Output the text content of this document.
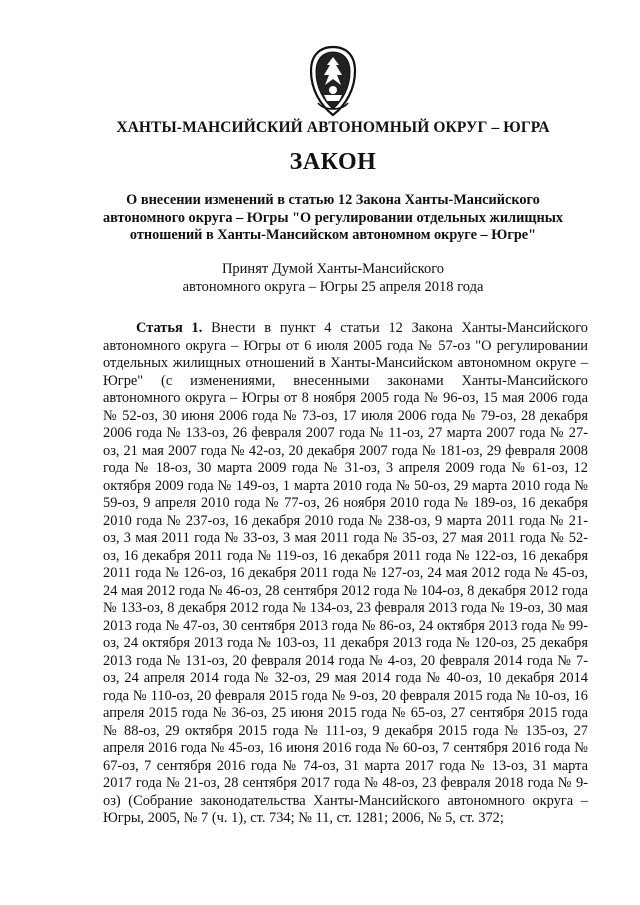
ХАНТЫ-МАНСИЙСКИЙ АВТОНОМНЫЙ ОКРУГ – ЮГРА
ЗАКОН
О внесении изменений в статью 12 Закона Ханты-Мансийского
автономного округа – Югры "О регулировании отдельных жилищных
отношений в Ханты-Мансийском автономном округе – Югре"
Принят Думой Ханты-Мансийского
автономного округа – Югры 25 апреля 2018 года

Статья 1. Внести в пункт 4 статьи 12 Закона Ханты-Мансийского автономного округа – Югры от 6 июля 2005 года № 57-оз "О регулировании отдельных жилищных отношений в Ханты-Мансийском автономном округе – Югре" (с изменениями, внесенными законами Ханты-Мансийского автономного округа – Югры от 8 ноября 2005 года № 96-оз, 15 мая 2006 года № 52-оз, 30 июня 2006 года № 73-оз, 17 июля 2006 года № 79-оз, 28 декабря 2006 года № 133-оз, 26 февраля 2007 года № 11-оз, 27 марта 2007 года № 27-оз, 21 мая 2007 года № 42-оз, 20 декабря 2007 года № 181-оз, 29 февраля 2008 года № 18-оз, 30 марта 2009 года № 31-оз, 3 апреля 2009 года № 61-оз, 12 октября 2009 года № 149-оз, 1 марта 2010 года № 50-оз, 29 марта 2010 года № 59-оз, 9 апреля 2010 года № 77-оз, 26 ноября 2010 года № 189-оз, 16 декабря 2010 года № 237-оз, 16 декабря 2010 года № 238-оз, 9 марта 2011 года № 21-оз, 3 мая 2011 года № 33-оз, 3 мая 2011 года № 35-оз, 27 мая 2011 года № 52-оз, 16 декабря 2011 года № 119-оз, 16 декабря 2011 года № 122-оз, 16 декабря 2011 года № 126-оз, 16 декабря 2011 года № 127-оз, 24 мая 2012 года № 45-оз, 24 мая 2012 года № 46-оз, 28 сентября 2012 года № 104-оз, 8 декабря 2012 года № 133-оз, 8 декабря 2012 года № 134-оз, 23 февраля 2013 года № 19-оз, 30 мая 2013 года № 47-оз, 30 сентября 2013 года № 86-оз, 24 октября 2013 года № 99-оз, 24 октября 2013 года № 103-оз, 11 декабря 2013 года № 120-оз, 25 декабря 2013 года № 131-оз, 20 февраля 2014 года № 4-оз, 20 февраля 2014 года № 7-оз, 24 апреля 2014 года № 32-оз, 29 мая 2014 года № 40-оз, 10 декабря 2014 года № 110-оз, 20 февраля 2015 года № 9-оз, 20 февраля 2015 года № 10-оз, 16 апреля 2015 года № 36-оз, 25 июня 2015 года № 65-оз, 27 сентября 2015 года № 88-оз, 29 октября 2015 года № 111-оз, 9 декабря 2015 года № 135-оз, 27 апреля 2016 года № 45-оз, 16 июня 2016 года № 60-оз, 7 сентября 2016 года № 67-оз, 7 сентября 2016 года № 74-оз, 31 марта 2017 года № 13-оз, 31 марта 2017 года № 21-оз, 28 сентября 2017 года № 48-оз, 23 февраля 2018 года № 9-оз) (Собрание законодательства Ханты-Мансийского автономного округа – Югры, 2005, № 7 (ч. 1), ст. 734; № 11, ст. 1281; 2006, № 5, ст. 372;
